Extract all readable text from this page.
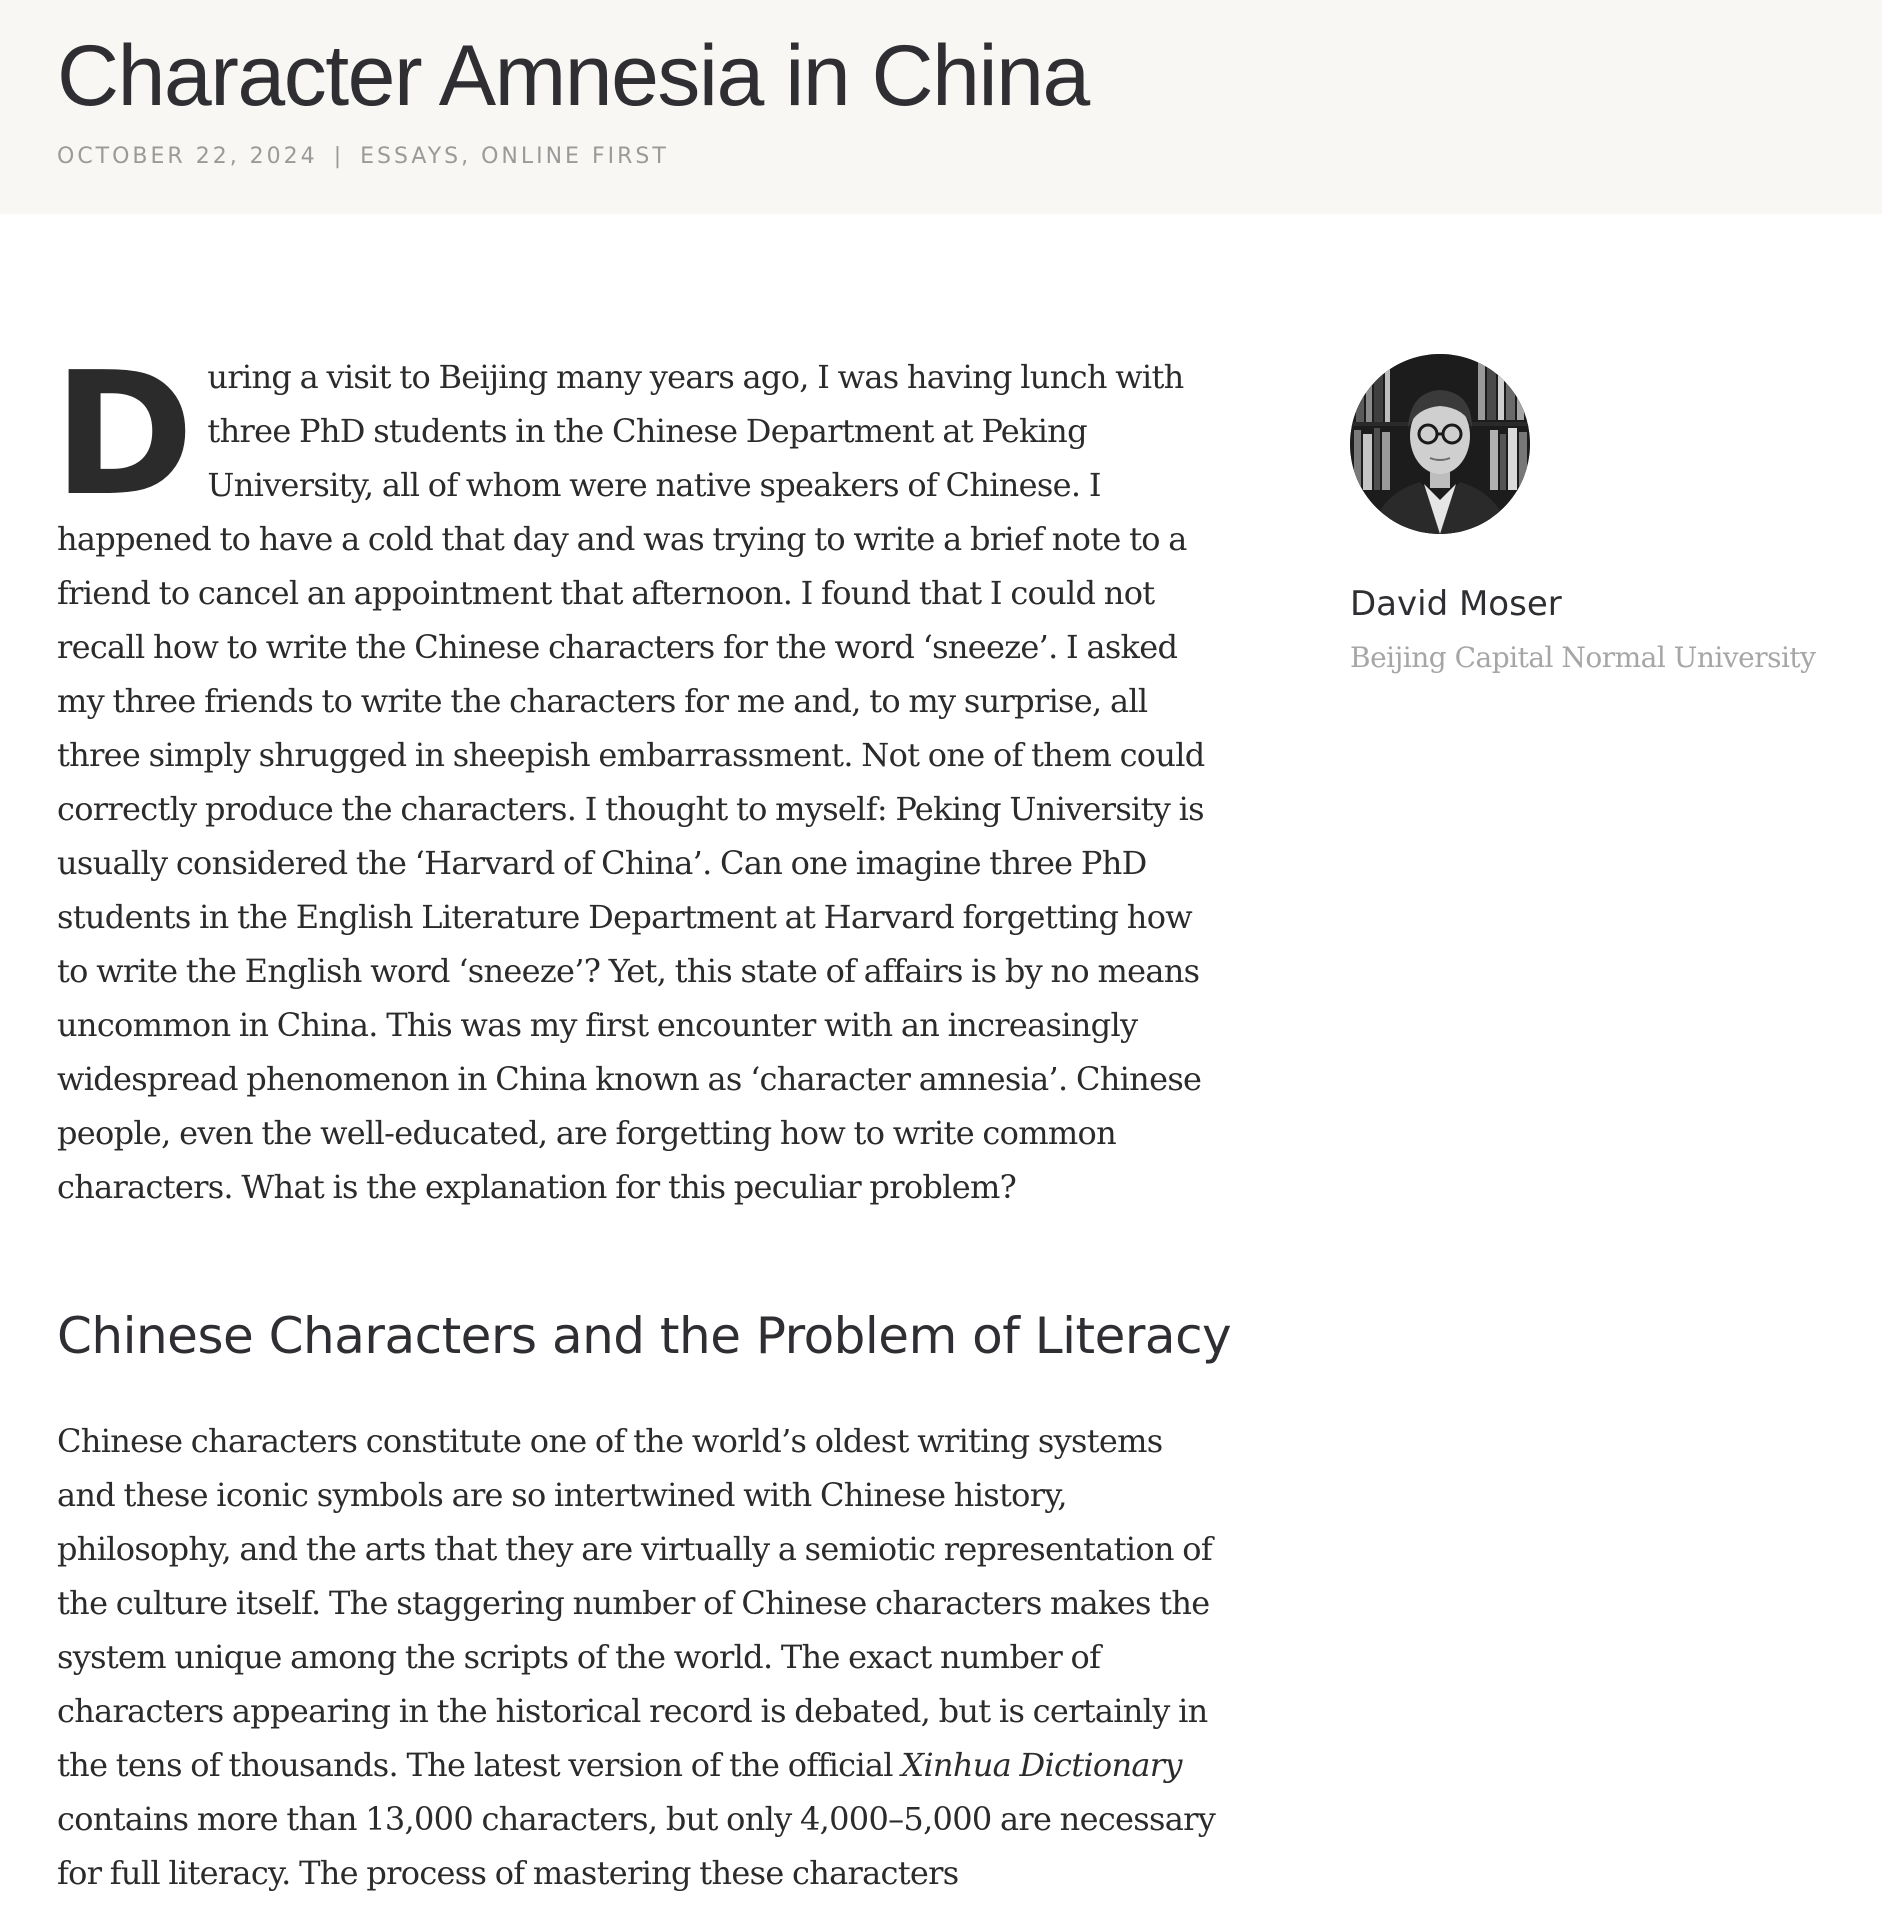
Character Amnesia in China
OCTOBER 22, 2024 | ESSAYS, ONLINE FIRST

During a visit to Beijing many years ago, I was having lunch with three PhD students in the Chinese Department at Peking University, all of whom were native speakers of Chinese. I happened to have a cold that day and was trying to write a brief note to a friend to cancel an appointment that afternoon. I found that I could not recall how to write the Chinese characters for the word ‘sneeze’. I asked my three friends to write the characters for me and, to my surprise, all three simply shrugged in sheepish embarrassment. Not one of them could correctly produce the characters. I thought to myself: Peking University is usually considered the ‘Harvard of China’. Can one imagine three PhD students in the English Literature Department at Harvard forgetting how to write the English word ‘sneeze’? Yet, this state of affairs is by no means uncommon in China. This was my first encounter with an increasingly widespread phenomenon in China known as ‘character amnesia’. Chinese people, even the well-educated, are forgetting how to write common characters. What is the explanation for this peculiar problem?

Chinese Characters and the Problem of Literacy

Chinese characters constitute one of the world’s oldest writing systems and these iconic symbols are so intertwined with Chinese history, philosophy, and the arts that they are virtually a semiotic representation of the culture itself. The staggering number of Chinese characters makes the system unique among the scripts of the world. The exact number of characters appearing in the historical record is debated, but is certainly in the tens of thousands. The latest version of the official Xinhua Dictionary contains more than 13,000 characters, but only 4,000–5,000 are necessary for full literacy. The process of mastering these characters

David Moser
Beijing Capital Normal University
